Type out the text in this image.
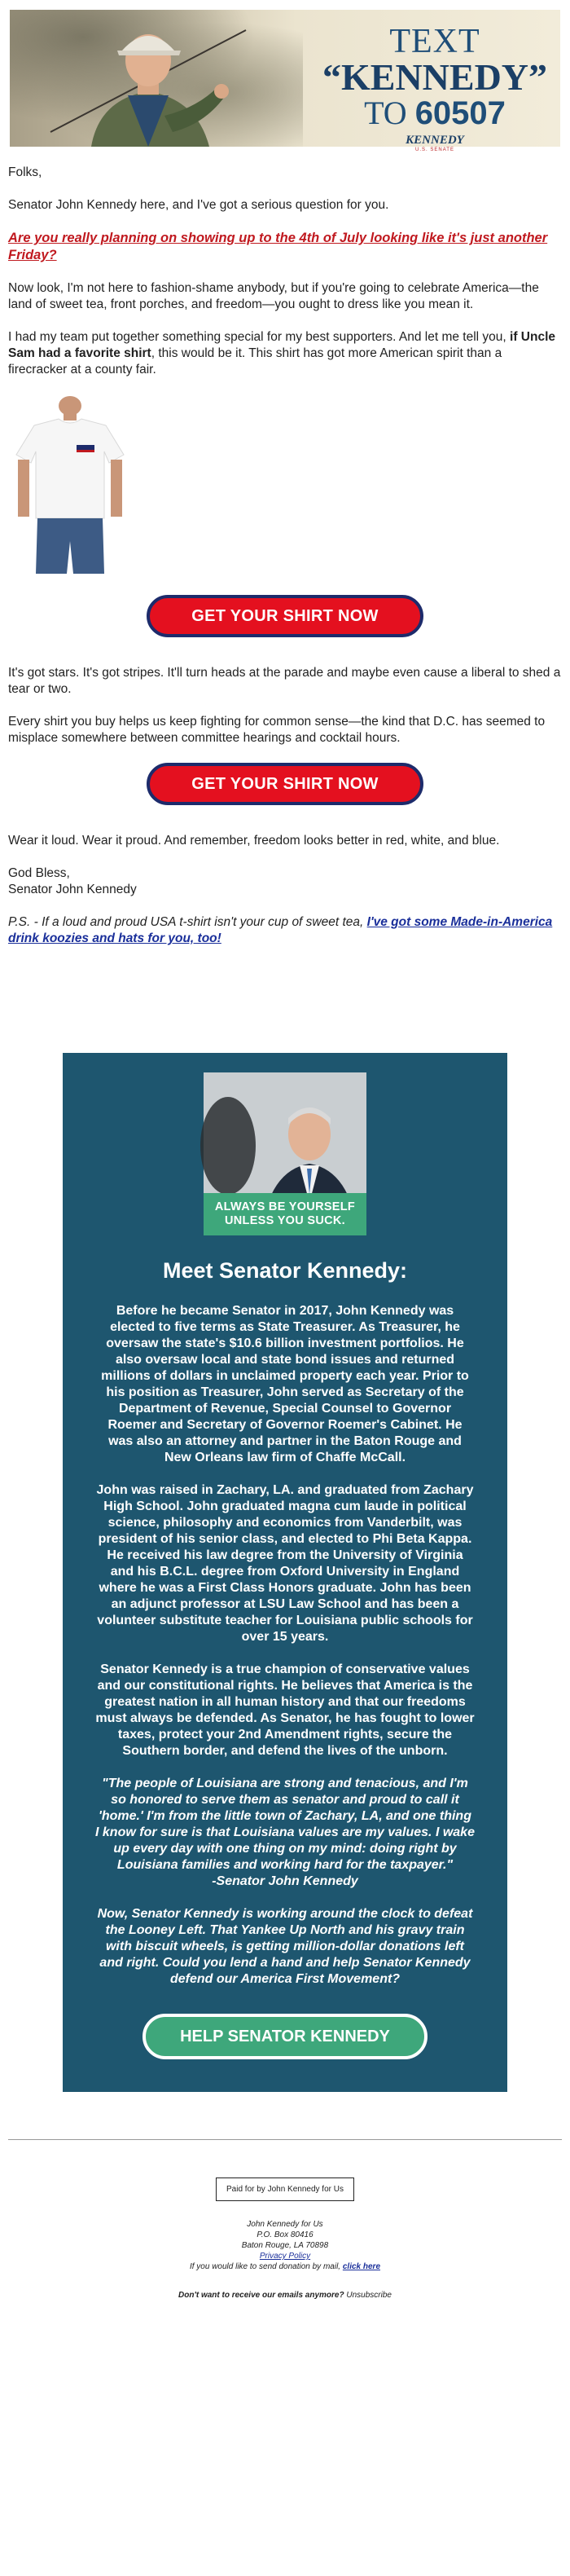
TEXT
“KENNEDY”
TO 60507
KENNEDY
U.S. SENATE

Folks,

Senator John Kennedy here, and I've got a serious question for you.

Are you really planning on showing up to the 4th of July looking like it's just another Friday?

Now look, I'm not here to fashion-shame anybody, but if you're going to celebrate America—the land of sweet tea, front porches, and freedom—you ought to dress like you mean it.

I had my team put together something special for my best supporters. And let me tell you, if Uncle Sam had a favorite shirt, this would be it. This shirt has got more American spirit than a firecracker at a county fair.

GET YOUR SHIRT NOW

It's got stars. It's got stripes. It'll turn heads at the parade and maybe even cause a liberal to shed a tear or two.

Every shirt you buy helps us keep fighting for common sense—the kind that D.C. has seemed to misplace somewhere between committee hearings and cocktail hours.

GET YOUR SHIRT NOW

Wear it loud. Wear it proud. And remember, freedom looks better in red, white, and blue.

God Bless,
Senator John Kennedy

P.S. - If a loud and proud USA t-shirt isn't your cup of sweet tea, I've got some Made-in-America drink koozies and hats for you, too!

ALWAYS BE YOURSELF UNLESS YOU SUCK.
Meet Senator Kennedy:

Before he became Senator in 2017, John Kennedy was elected to five terms as State Treasurer. As Treasurer, he oversaw the state's $10.6 billion investment portfolios. He also oversaw local and state bond issues and returned millions of dollars in unclaimed property each year. Prior to his position as Treasurer, John served as Secretary of the Department of Revenue, Special Counsel to Governor Roemer and Secretary of Governor Roemer's Cabinet. He was also an attorney and partner in the Baton Rouge and New Orleans law firm of Chaffe McCall.

John was raised in Zachary, LA. and graduated from Zachary High School. John graduated magna cum laude in political science, philosophy and economics from Vanderbilt, was president of his senior class, and elected to Phi Beta Kappa. He received his law degree from the University of Virginia and his B.C.L. degree from Oxford University in England where he was a First Class Honors graduate. John has been an adjunct professor at LSU Law School and has been a volunteer substitute teacher for Louisiana public schools for over 15 years.

Senator Kennedy is a true champion of conservative values and our constitutional rights. He believes that America is the greatest nation in all human history and that our freedoms must always be defended. As Senator, he has fought to lower taxes, protect your 2nd Amendment rights, secure the Southern border, and defend the lives of the unborn.

"The people of Louisiana are strong and tenacious, and I'm so honored to serve them as senator and proud to call it 'home.' I'm from the little town of Zachary, LA, and one thing I know for sure is that Louisiana values are my values. I wake up every day with one thing on my mind: doing right by Louisiana families and working hard for the taxpayer."
-Senator John Kennedy

Now, Senator Kennedy is working around the clock to defeat the Looney Left. That Yankee Up North and his gravy train with biscuit wheels, is getting million-dollar donations left and right. Could you lend a hand and help Senator Kennedy defend our America First Movement?

HELP SENATOR KENNEDY
Paid for by John Kennedy for Us
John Kennedy for Us
P.O. Box 80416
Baton Rouge, LA 70898
Privacy Policy
If you would like to send donation by mail, click here
Don't want to receive our emails anymore? Unsubscribe
